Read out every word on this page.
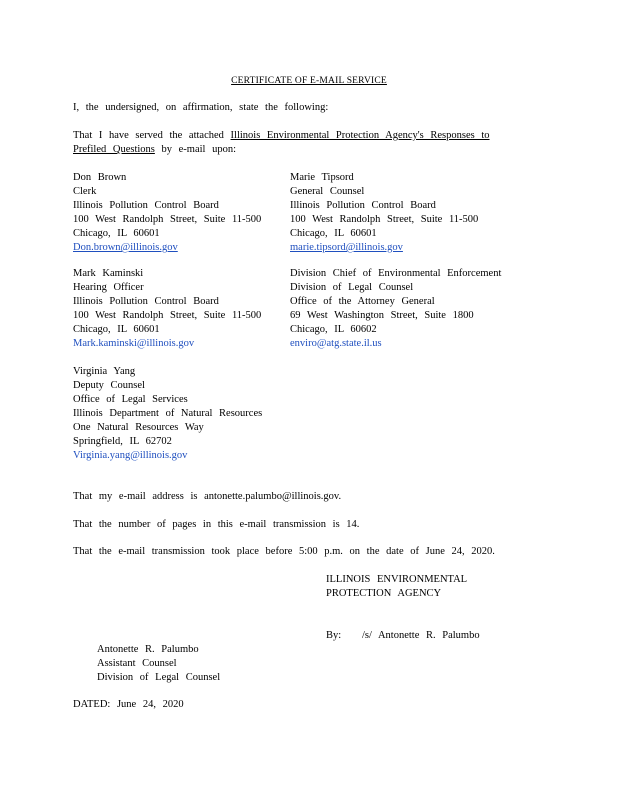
CERTIFICATE OF E-MAIL SERVICE
I, the undersigned, on affirmation, state the following:
That I have served the attached Illinois Environmental Protection Agency's Responses to
Prefiled Questions by e-mail upon:
Don Brown
Clerk
Illinois Pollution Control Board
100 West Randolph Street, Suite 11-500
Chicago, IL 60601
Don.brown@illinois.gov
Marie Tipsord
General Counsel
Illinois Pollution Control Board
100 West Randolph Street, Suite 11-500
Chicago, IL 60601
marie.tipsord@illinois.gov
Mark Kaminski
Hearing Officer
Illinois Pollution Control Board
100 West Randolph Street, Suite 11-500
Chicago, IL 60601
Mark.kaminski@illinois.gov
Division Chief of Environmental Enforcement
Division of Legal Counsel
Office of the Attorney General
69 West Washington Street, Suite 1800
Chicago, IL 60602
enviro@atg.state.il.us
Virginia Yang
Deputy Counsel
Office of Legal Services
Illinois Department of Natural Resources
One Natural Resources Way
Springfield, IL 62702
Virginia.yang@illinois.gov
That my e-mail address is antonette.palumbo@illinois.gov.
That the number of pages in this e-mail transmission is 14.
That the e-mail transmission took place before 5:00 p.m. on the date of June 24, 2020.
ILLINOIS ENVIRONMENTAL
PROTECTION AGENCY
By: /s/ Antonette R. Palumbo
Antonette R. Palumbo
Assistant Counsel
Division of Legal Counsel
DATED: June 24, 2020
